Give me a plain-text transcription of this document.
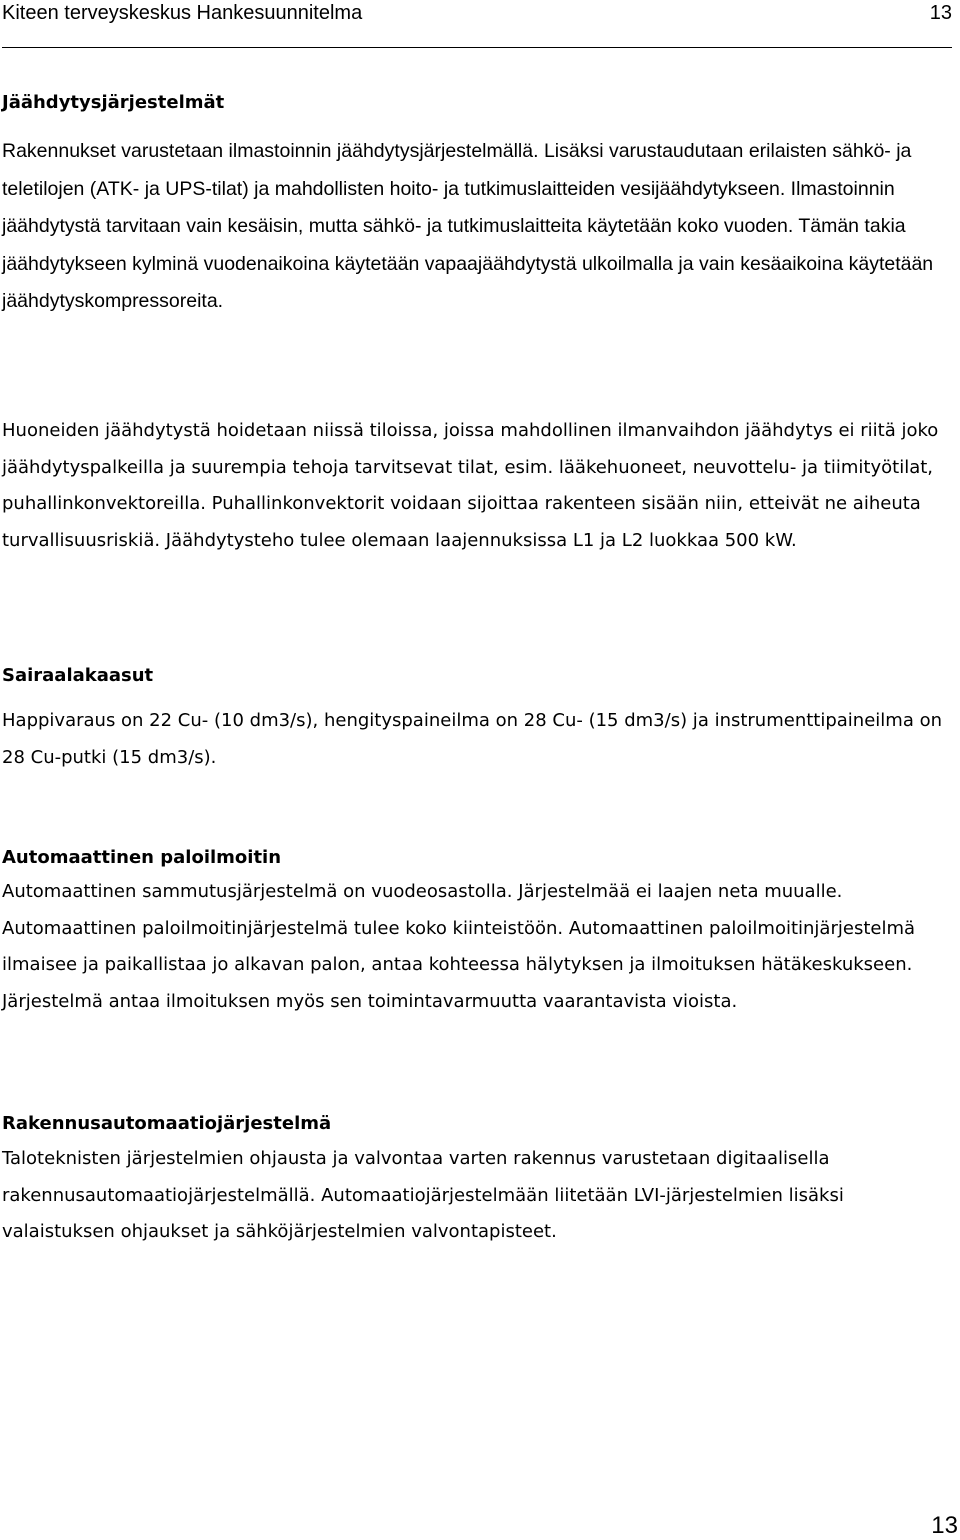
Kiteen terveyskeskus Hankesuunnitelma	13
Jäähdytysjärjestelmät

Rakennukset varustetaan ilmastoinnin jäähdytysjärjestelmällä. Lisäksi varustaudutaan erilaisten sähkö- ja teletilojen (ATK- ja UPS-tilat) ja mahdollisten hoito- ja tutkimuslaitteiden vesijäähdytykseen. Ilmastoinnin jäähdytystä tarvitaan vain kesäisin, mutta sähkö- ja tutkimuslaitteita käytetään koko vuoden. Tämän takia jäähdytykseen kylminä vuodenaikoina käytetään vapaajäähdytystä ulkoilmalla ja vain kesäaikoina käytetään jäähdytyskompressoreita.

Huoneiden jäähdytystä hoidetaan niissä tiloissa, joissa mahdollinen ilmanvaihdon jäähdytys ei riitä joko jäähdytyspalkeilla ja suurempia tehoja tarvitsevat tilat, esim. lääkehuoneet, neuvottelu- ja tiimityötilat, puhallinkonvektoreilla. Puhallinkonvektorit voidaan sijoittaa rakenteen sisään niin, etteivät ne aiheuta turvallisuusriskiä. Jäähdytysteho tulee olemaan laajennuksissa L1 ja L2 luokkaa 500 kW.

Sairaalakaasut

Happivaraus on 22 Cu- (10 dm3/s), hengityspaineilma on 28 Cu- (15 dm3/s) ja instrumenttipaineilma on 28 Cu-putki (15 dm3/s).

Automaattinen paloilmoitin

Automaattinen sammutusjärjestelmä on vuodeosastolla. Järjestelmää ei laajen neta muualle. Automaattinen paloilmoitinjärjestelmä tulee koko kiinteistöön. Automaattinen paloilmoitinjärjestelmä ilmaisee ja paikallistaa jo alkavan palon, antaa kohteessa hälytyksen ja ilmoituksen hätäkeskukseen. Järjestelmä antaa ilmoituksen myös sen toimintavarmuutta vaarantavista vioista.

Rakennusautomaatiojärjestelmä

Taloteknisten järjestelmien ohjausta ja valvontaa varten rakennus varustetaan digitaalisella rakennusautomaatiojärjestelmällä. Automaatiojärjestelmään liitetään LVI-järjestelmien lisäksi valaistuksen ohjaukset ja sähköjärjestelmien valvontapisteet.

13
